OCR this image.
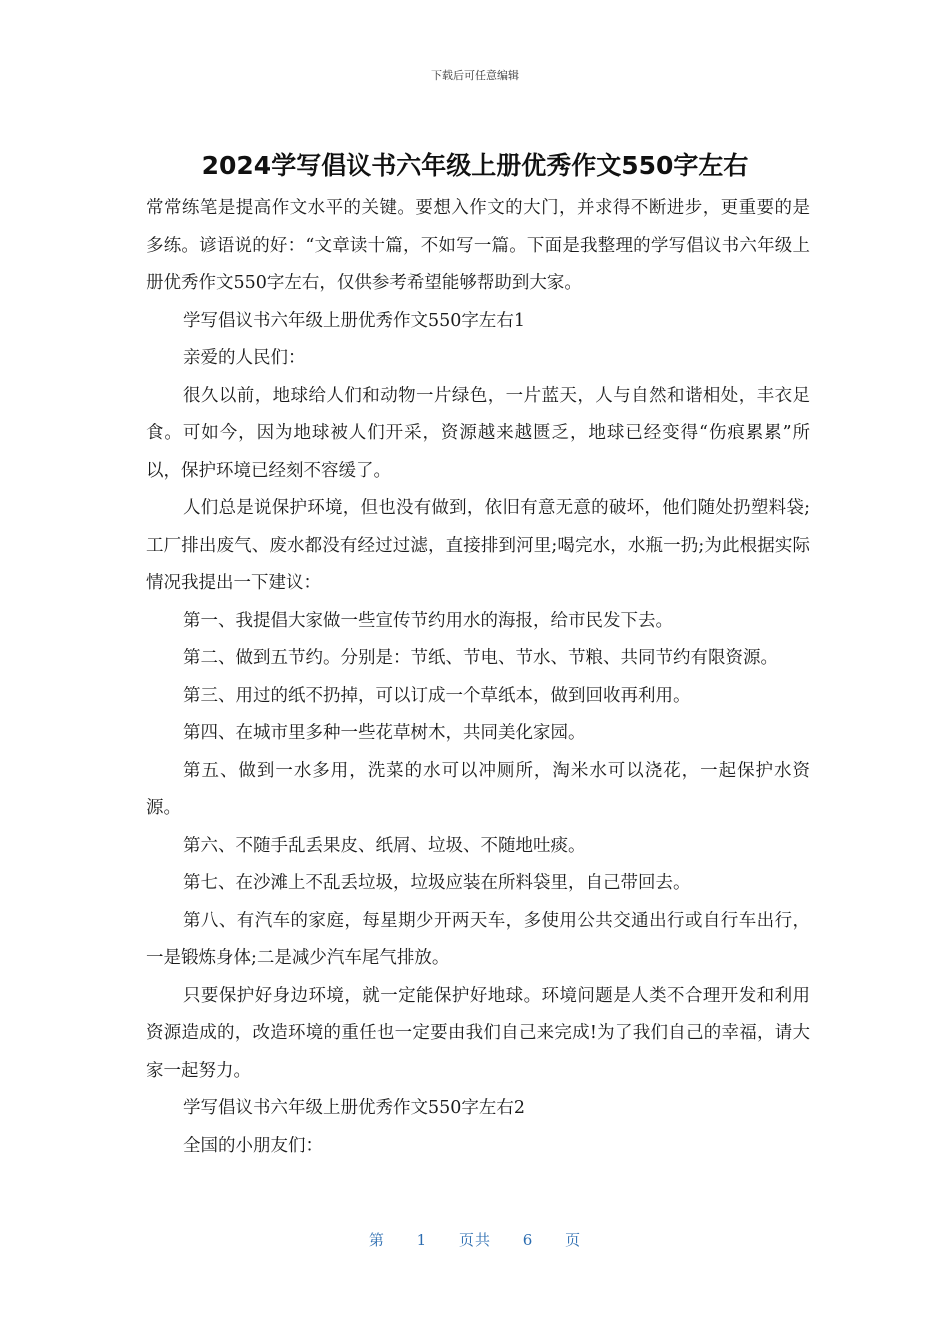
下载后可任意编辑
2024学写倡议书六年级上册优秀作文550字左右

常常练笔是提高作文水平的关键。要想入作文的大门，并求得不断进步，更重要的是多练。谚语说的好：“文章读十篇，不如写一篇。下面是我整理的学写倡议书六年级上册优秀作文550字左右，仅供参考希望能够帮助到大家。

学写倡议书六年级上册优秀作文550字左右1

亲爱的人民们：

很久以前，地球给人们和动物一片绿色，一片蓝天，人与自然和谐相处，丰衣足食。可如今，因为地球被人们开采，资源越来越匮乏，地球已经变得“伤痕累累”所以，保护环境已经刻不容缓了。

人们总是说保护环境，但也没有做到，依旧有意无意的破坏，他们随处扔塑料袋;工厂排出废气、废水都没有经过过滤，直接排到河里;喝完水，水瓶一扔;为此根据实际情况我提出一下建议：

第一、我提倡大家做一些宣传节约用水的海报，给市民发下去。

第二、做到五节约。分别是：节纸、节电、节水、节粮、共同节约有限资源。

第三、用过的纸不扔掉，可以订成一个草纸本，做到回收再利用。

第四、在城市里多种一些花草树木，共同美化家园。

第五、做到一水多用，洗菜的水可以冲厕所，淘米水可以浇花，一起保护水资源。

第六、不随手乱丢果皮、纸屑、垃圾、不随地吐痰。

第七、在沙滩上不乱丢垃圾，垃圾应装在所料袋里，自己带回去。

第八、有汽车的家庭，每星期少开两天车，多使用公共交通出行或自行车出行，一是锻炼身体;二是减少汽车尾气排放。

只要保护好身边环境，就一定能保护好地球。环境问题是人类不合理开发和利用资源造成的，改造环境的重任也一定要由我们自己来完成!为了我们自己的幸福，请大家一起努力。

学写倡议书六年级上册优秀作文550字左右2

全国的小朋友们：

第 1 页共 6 页
